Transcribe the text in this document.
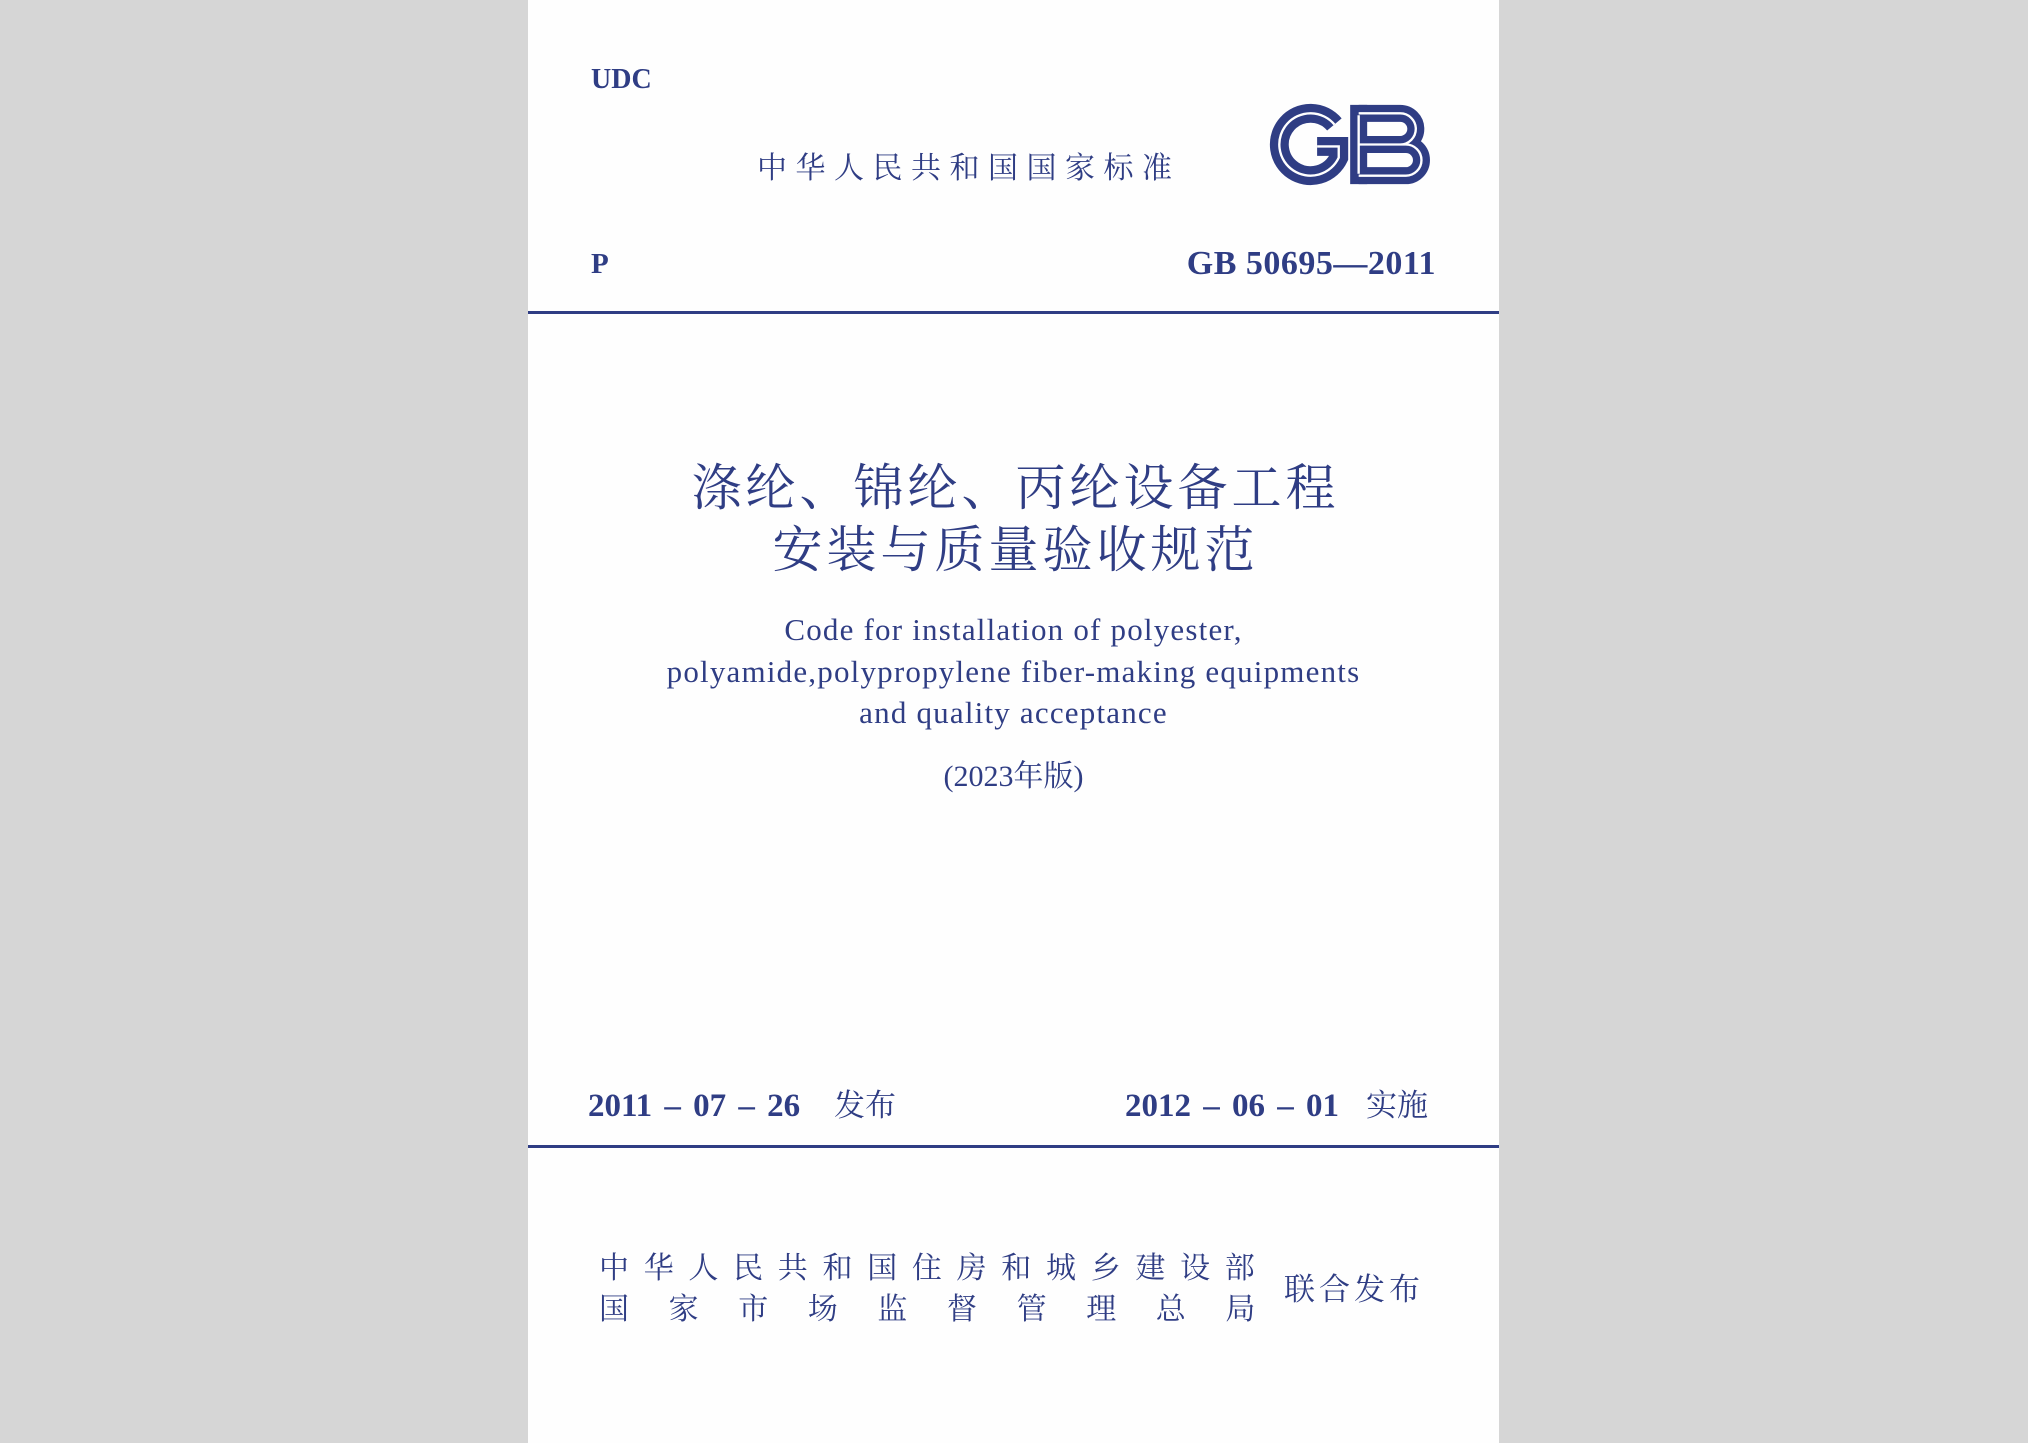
UDC
中华人民共和国国家标准
P	GB 50695—2011
涤纶、锦纶、丙纶设备工程
安装与质量验收规范
Code for installation of polyester,
polyamide,polypropylene fiber-making equipments
and quality acceptance
(2023年版)
2011 – 07 – 26 发布	2012 – 06 – 01 实施
中华人民共和国住房和城乡建设部
国家市场监督管理总局
联合发布
